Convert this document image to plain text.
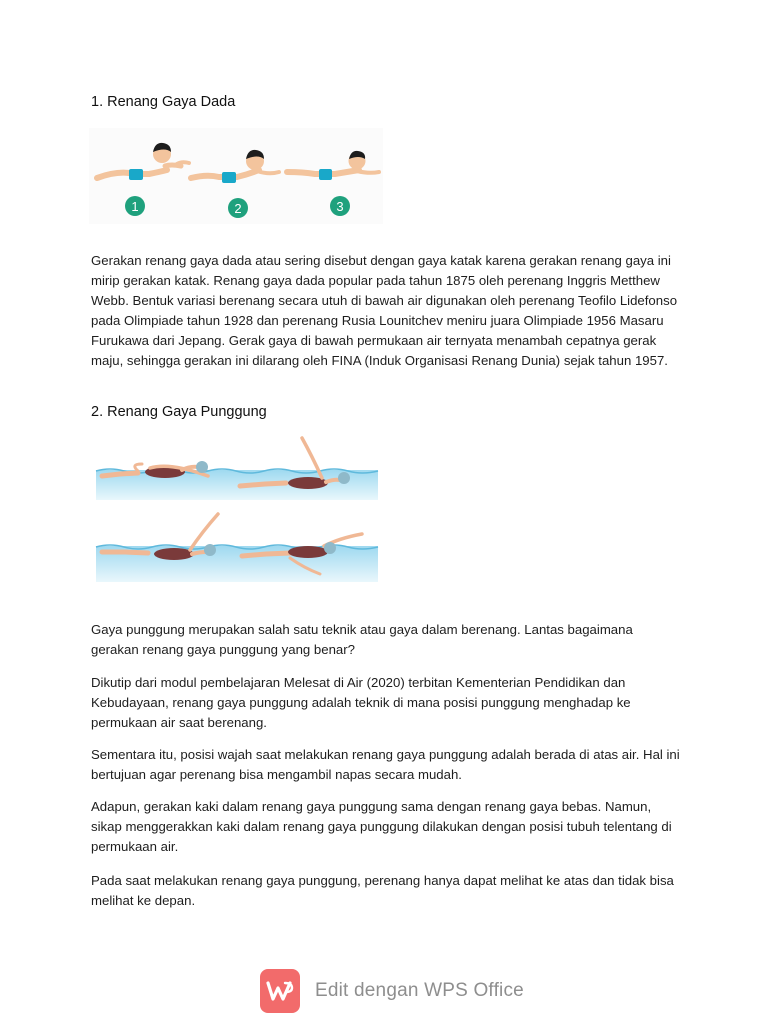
1. Renang Gaya Dada
1	2	3

Gerakan renang gaya dada atau sering disebut dengan gaya katak karena gerakan renang gaya ini mirip gerakan katak. Renang gaya dada popular pada tahun 1875 oleh perenang Inggris Metthew Webb. Bentuk variasi berenang secara utuh di bawah air digunakan oleh perenang Teofilo Lidefonso pada Olimpiade tahun 1928 dan perenang Rusia Lounitchev meniru juara Olimpiade 1956 Masaru Furukawa dari Jepang. Gerak gaya di bawah permukaan air ternyata menambah cepatnya gerak maju, sehingga gerakan ini dilarang oleh FINA (Induk Organisasi Renang Dunia) sejak tahun 1957.

2. Renang Gaya Punggung

Gaya punggung merupakan salah satu teknik atau gaya dalam berenang. Lantas bagaimana gerakan renang gaya punggung yang benar?

Dikutip dari modul pembelajaran Melesat di Air (2020) terbitan Kementerian Pendidikan dan Kebudayaan, renang gaya punggung adalah teknik di mana posisi punggung menghadap ke permukaan air saat berenang.

Sementara itu, posisi wajah saat melakukan renang gaya punggung adalah berada di atas air. Hal ini bertujuan agar perenang bisa mengambil napas secara mudah.

Adapun, gerakan kaki dalam renang gaya punggung sama dengan renang gaya bebas. Namun, sikap menggerakkan kaki dalam renang gaya punggung dilakukan dengan posisi tubuh telentang di permukaan air.

Pada saat melakukan renang gaya punggung, perenang hanya dapat melihat ke atas dan tidak bisa melihat ke depan.

Edit dengan WPS Office
